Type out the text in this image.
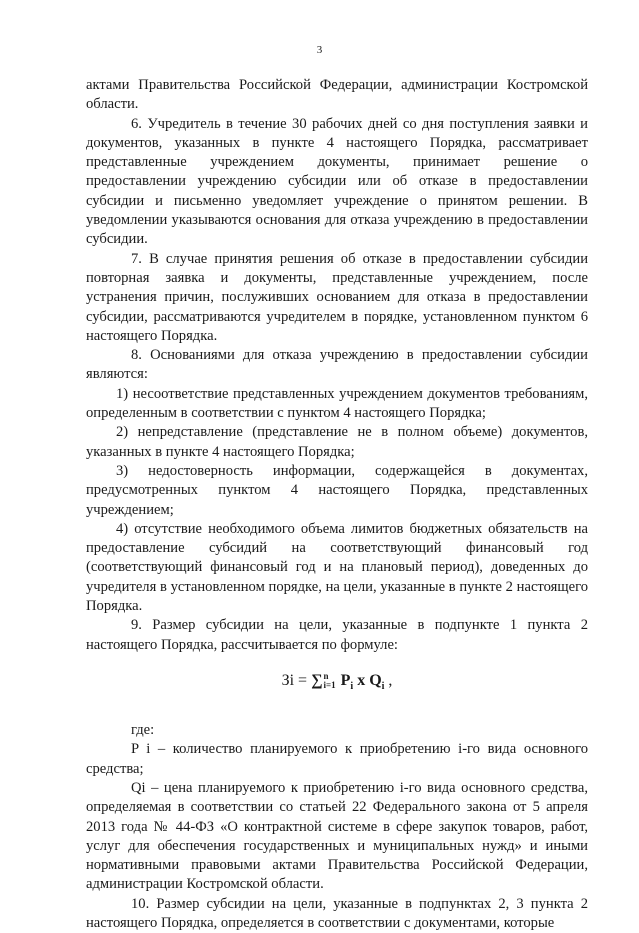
3

актами Правительства Российской Федерации, администрации Костромской области.

6. Учредитель в течение 30 рабочих дней со дня поступления заявки и документов, указанных в пункте 4 настоящего Порядка, рассматривает представленные учреждением документы, принимает решение о предоставлении учреждению субсидии или об отказе в предоставлении субсидии и письменно уведомляет учреждение о принятом решении. В уведомлении указываются основания для отказа учреждению в предоставлении субсидии.

7. В случае принятия решения об отказе в предоставлении субсидии повторная заявка и документы, представленные учреждением, после устранения причин, послуживших основанием для отказа в предоставлении субсидии, рассматриваются учредителем в порядке, установленном пунктом 6 настоящего Порядка.

8. Основаниями для отказа учреждению в предоставлении субсидии являются:

1) несоответствие представленных учреждением документов требованиям, определенным в соответствии с пунктом 4 настоящего Порядка;

2) непредставление (представление не в полном объеме) документов, указанных в пункте 4 настоящего Порядка;

3) недостоверность информации, содержащейся в документах, предусмотренных пунктом 4 настоящего Порядка, представленных учреждением;

4) отсутствие необходимого объема лимитов бюджетных обязательств на предоставление субсидий на соответствующий финансовый год (соответствующий финансовый год и на плановый период), доведенных до учредителя в установленном порядке, на цели, указанные в пункте 2 настоящего Порядка.

9. Размер субсидии на цели, указанные в подпункте 1 пункта 2 настоящего Порядка, рассчитывается по формуле:

Зi = ∑ n
i=1 $P_i$ x $Q_i$ ,

где:

P i – количество планируемого к приобретению i-го вида основного средства;

Qi – цена планируемого к приобретению i-го вида основного средства, определяемая в соответствии со статьей 22 Федерального закона от 5 апреля 2013 года № 44-ФЗ «О контрактной системе в сфере закупок товаров, работ, услуг для обеспечения государственных и муниципальных нужд» и иными нормативными правовыми актами Правительства Российской Федерации, администрации Костромской области.

10. Размер субсидии на цели, указанные в подпунктах 2, 3 пункта 2 настоящего Порядка, определяется в соответствии с документами, которые
